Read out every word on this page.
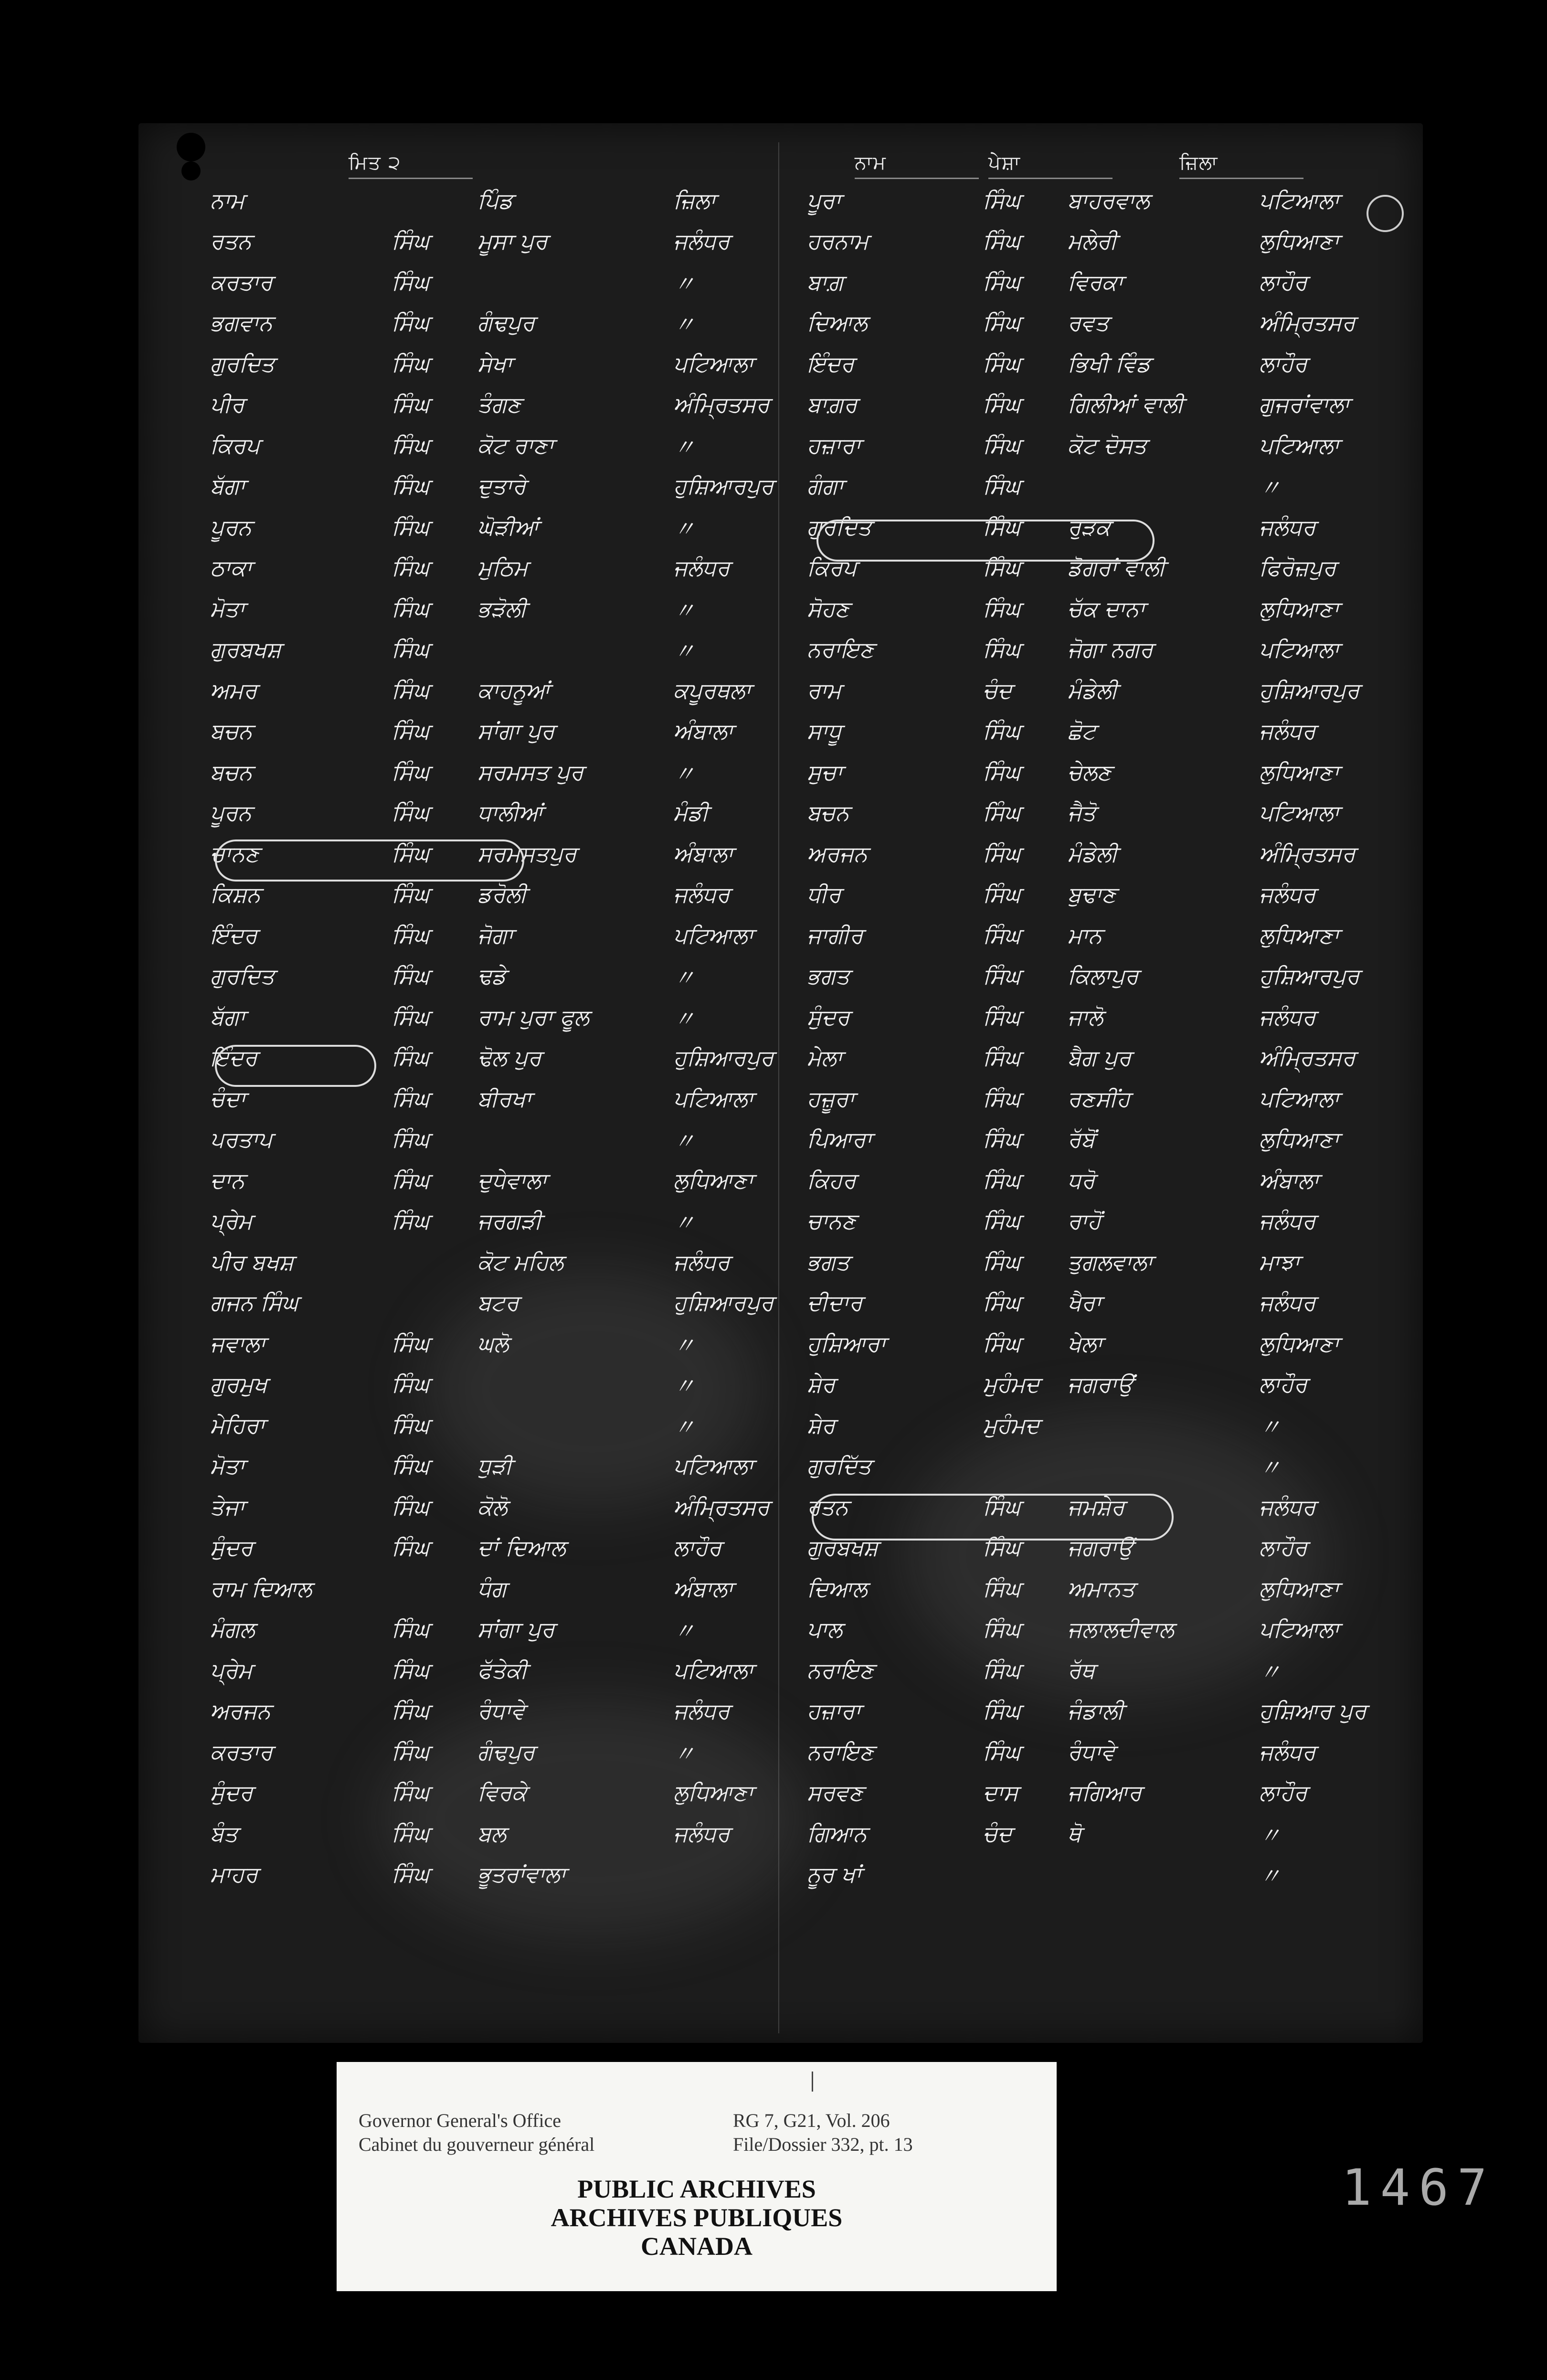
ਮਿਤ ੨	ਨਾਮ	ਪੇਸ਼ਾ	ਜ਼ਿਲਾ
ਨਾਮ		ਪਿੰਡ	ਜ਼ਿਲਾ
ਰਤਨ	ਸਿੰਘ	ਮੂਸਾ ਪੁਰ	ਜਲੰਧਰ
ਕਰਤਾਰ	ਸਿੰਘ		〃
ਭਗਵਾਨ	ਸਿੰਘ	ਗੰਢਪੁਰ	〃
ਗੁਰਦਿਤ	ਸਿੰਘ	ਸੇਖਾ	ਪਟਿਆਲਾ
ਪੀਰ	ਸਿੰਘ	ਤੰਗਣ	ਅੰਮ੍ਰਿਤਸਰ
ਕਿਰਪ	ਸਿੰਘ	ਕੋਟ ਰਾਣਾ	〃
ਬੱਗਾ	ਸਿੰਘ	ਦੁਤਾਰੇ	ਹੁਸ਼ਿਆਰਪੁਰ
ਪੂਰਨ	ਸਿੰਘ	ਘੋੜੀਆਂ	〃
ਠਾਕਾ	ਸਿੰਘ	ਮੁਠਿਮ	ਜਲੰਧਰ
ਮੋਤਾ	ਸਿੰਘ	ਭੜੋਲੀ	〃
ਗੁਰਬਖਸ਼	ਸਿੰਘ		〃
ਅਮਰ	ਸਿੰਘ	ਕਾਹਨੂਆਂ	ਕਪੂਰਥਲਾ
ਬਚਨ	ਸਿੰਘ	ਸਾਂਗਾ ਪੁਰ	ਅੰਬਾਲਾ
ਬਚਨ	ਸਿੰਘ	ਸਰਮਸਤ ਪੁਰ	〃
ਪੂਰਨ	ਸਿੰਘ	ਧਾਲੀਆਂ	ਮੰਡੀ
ਚਾਨਣ	ਸਿੰਘ	ਸਰਮਸਤਪੁਰ	ਅੰਬਾਲਾ
ਕਿਸ਼ਨ	ਸਿੰਘ	ਡਰੋਲੀ	ਜਲੰਧਰ
ਇੰਦਰ	ਸਿੰਘ	ਜੋਗਾ	ਪਟਿਆਲਾ
ਗੁਰਦਿਤ	ਸਿੰਘ	ਢਡੇ	〃
ਬੱਗਾ	ਸਿੰਘ	ਰਾਮ ਪੁਰਾ ਫੂਲ	〃
ਇੰਦਰ	ਸਿੰਘ	ਢੋਲ ਪੁਰ	ਹੁਸ਼ਿਆਰਪੁਰ
ਚੰਦਾ	ਸਿੰਘ	ਬੀਰਖਾ	ਪਟਿਆਲਾ
ਪਰਤਾਪ	ਸਿੰਘ		〃
ਦਾਨ	ਸਿੰਘ	ਦੁਧੇਵਾਲਾ	ਲੁਧਿਆਣਾ
ਪ੍ਰੇਮ	ਸਿੰਘ	ਜਰਗੜੀ	〃
ਪੀਰ ਬਖਸ਼		ਕੋਟ ਮਹਿਲ	ਜਲੰਧਰ
ਗਜਨ ਸਿੰਘ		ਬਟਰ	ਹੁਸ਼ਿਆਰਪੁਰ
ਜਵਾਲਾ	ਸਿੰਘ	ਘਲੋ	〃
ਗੁਰਮੁਖ	ਸਿੰਘ		〃
ਮੇਹਿਰਾ	ਸਿੰਘ		〃
ਮੋਤਾ	ਸਿੰਘ	ਧੁੜੀ	ਪਟਿਆਲਾ
ਤੇਜਾ	ਸਿੰਘ	ਕੋਲੋ	ਅੰਮ੍ਰਿਤਸਰ
ਸੁੰਦਰ	ਸਿੰਘ	ਦਾਂ ਦਿਆਲ	ਲਾਹੌਰ
ਰਾਮ ਦਿਆਲ		ਧੰਗ	ਅੰਬਾਲਾ
ਮੰਗਲ	ਸਿੰਘ	ਸਾਂਗਾ ਪੁਰ	〃
ਪ੍ਰੇਮ	ਸਿੰਘ	ਫੱਤੇਕੀ	ਪਟਿਆਲਾ
ਅਰਜਨ	ਸਿੰਘ	ਰੰਧਾਵੇ	ਜਲੰਧਰ
ਕਰਤਾਰ	ਸਿੰਘ	ਗੰਢਪੁਰ	〃
ਸੁੰਦਰ	ਸਿੰਘ	ਵਿਰਕੇ	ਲੁਧਿਆਣਾ
ਬੰਤ	ਸਿੰਘ	ਬਲ	ਜਲੰਧਰ
ਮਾਹਰ	ਸਿੰਘ	ਭੂਤਰਾਂਵਾਲਾ	
ਪੂਰਾ	ਸਿੰਘ	ਬਾਹਰਵਾਲ	ਪਟਿਆਲਾ
ਹਰਨਾਮ	ਸਿੰਘ	ਮਲੇਰੀ	ਲੁਧਿਆਣਾ
ਬਾਗ਼	ਸਿੰਘ	ਵਿਰਕਾ	ਲਾਹੌਰ
ਦਿਆਲ	ਸਿੰਘ	ਰਵਤ	ਅੰਮ੍ਰਿਤਸਰ
ਇੰਦਰ	ਸਿੰਘ	ਭਿਖੀ ਵਿੰਡ	ਲਾਹੌਰ
ਬਾਗ਼ਰ	ਸਿੰਘ	ਗਿਲੀਆਂ ਵਾਲੀ	ਗੁਜਰਾਂਵਾਲਾ
ਹਜ਼ਾਰਾ	ਸਿੰਘ	ਕੋਟ ਦੋਸਤ	ਪਟਿਆਲਾ
ਗੰਗਾ	ਸਿੰਘ		〃
ਗੁਰਦਿਤ	ਸਿੰਘ	ਰੁੜਕ	ਜਲੰਧਰ
ਕਿਰਪ	ਸਿੰਘ	ਡੋਗਰਾਂ ਵਾਲੀ	ਫਿਰੋਜ਼ਪੁਰ
ਸੋਹਣ	ਸਿੰਘ	ਚੱਕ ਦਾਨਾ	ਲੁਧਿਆਣਾ
ਨਰਾਇਣ	ਸਿੰਘ	ਜੋਗਾ ਨਗਰ	ਪਟਿਆਲਾ
ਰਾਮ	ਚੰਦ	ਮੰਡੇਲੀ	ਹੁਸ਼ਿਆਰਪੁਰ
ਸਾਧੂ	ਸਿੰਘ	ਛੋਟ	ਜਲੰਧਰ
ਸੁਚਾ	ਸਿੰਘ	ਚੇਲਣ	ਲੁਧਿਆਣਾ
ਬਚਨ	ਸਿੰਘ	ਜੈਤੋ	ਪਟਿਆਲਾ
ਅਰਜਨ	ਸਿੰਘ	ਮੰਡੇਲੀ	ਅੰਮ੍ਰਿਤਸਰ
ਧੀਰ	ਸਿੰਘ	ਬੁਢਾਣ	ਜਲੰਧਰ
ਜਾਗੀਰ	ਸਿੰਘ	ਮਾਨ	ਲੁਧਿਆਣਾ
ਭਗਤ	ਸਿੰਘ	ਕਿਲਾਪੁਰ	ਹੁਸ਼ਿਆਰਪੁਰ
ਸੁੰਦਰ	ਸਿੰਘ	ਜਾਲੋ	ਜਲੰਧਰ
ਮੇਲਾ	ਸਿੰਘ	ਬੈਗ ਪੁਰ	ਅੰਮ੍ਰਿਤਸਰ
ਹਜ਼ੂਰਾ	ਸਿੰਘ	ਰਣਸੀਂਹ	ਪਟਿਆਲਾ
ਪਿਆਰਾ	ਸਿੰਘ	ਰੱਬੋਂ	ਲੁਧਿਆਣਾ
ਕਿਹਰ	ਸਿੰਘ	ਧਰੋ	ਅੰਬਾਲਾ
ਚਾਨਣ	ਸਿੰਘ	ਰਾਹੋਂ	ਜਲੰਧਰ
ਭਗਤ	ਸਿੰਘ	ਤੁਗਲਵਾਲਾ	ਮਾਝਾ
ਦੀਦਾਰ	ਸਿੰਘ	ਖੈਰਾ	ਜਲੰਧਰ
ਹੁਸ਼ਿਆਰਾ	ਸਿੰਘ	ਖੇਲਾ	ਲੁਧਿਆਣਾ
ਸ਼ੇਰ	ਮੁਹੰਮਦ	ਜਗਰਾਉਂ	ਲਾਹੌਰ
ਸ਼ੇਰ	ਮੁਹੰਮਦ		〃
ਗੁਰਦਿੱਤ			〃
ਰਤਨ	ਸਿੰਘ	ਜਮਸ਼ੇਰ	ਜਲੰਧਰ
ਗੁਰਬਖਸ਼	ਸਿੰਘ	ਜਗਰਾਉਂ	ਲਾਹੌਰ
ਦਿਆਲ	ਸਿੰਘ	ਅਮਾਨਤ	ਲੁਧਿਆਣਾ
ਪਾਲ	ਸਿੰਘ	ਜਲਾਲਦੀਵਾਲ	ਪਟਿਆਲਾ
ਨਰਾਇਣ	ਸਿੰਘ	ਰੱਥ	〃
ਹਜ਼ਾਰਾ	ਸਿੰਘ	ਜੰਡਾਲੀ	ਹੁਸ਼ਿਆਰ ਪੁਰ
ਨਰਾਇਣ	ਸਿੰਘ	ਰੰਧਾਵੇ	ਜਲੰਧਰ
ਸਰਵਣ	ਦਾਸ	ਜਗਿਆਰ	ਲਾਹੌਰ
ਗਿਆਨ	ਚੰਦ	ਥੋ	〃
ਨੂਰ ਖਾਂ			〃
Governor General's Office
Cabinet du gouverneur général
RG 7, G21, Vol. 206
File/Dossier 332, pt. 13
PUBLIC ARCHIVES
ARCHIVES PUBLIQUES
CANADA
1467
